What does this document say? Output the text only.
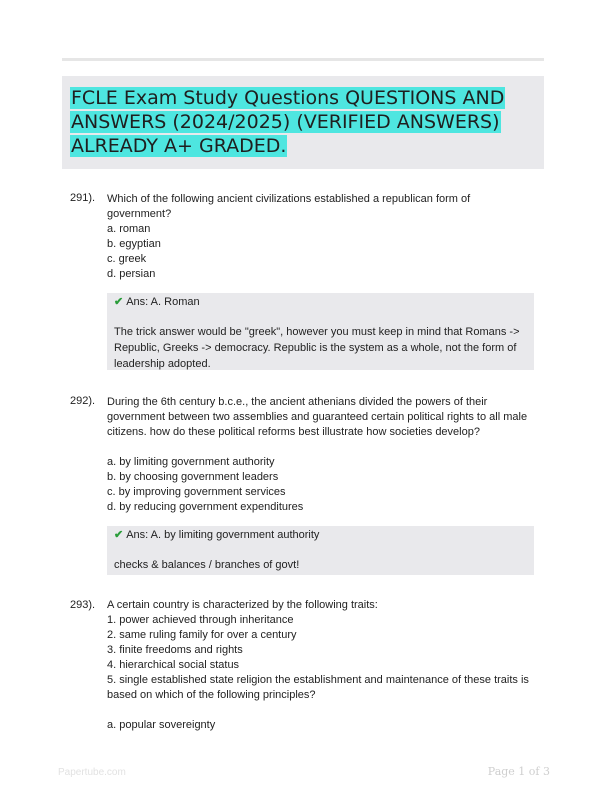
FCLE Exam Study Questions QUESTIONS AND ANSWERS (2024/2025) (VERIFIED ANSWERS) ALREADY A+ GRADED.
291). Which of the following ancient civilizations established a republican form of government?
a. roman
b. egyptian
c. greek
d. persian
✔ Ans: A. Roman
The trick answer would be "greek", however you must keep in mind that Romans -> Republic, Greeks -> democracy. Republic is the system as a whole, not the form of leadership adopted.
292). During the 6th century b.c.e., the ancient athenians divided the powers of their government between two assemblies and guaranteed certain political rights to all male citizens. how do these political reforms best illustrate how societies develop?
a. by limiting government authority
b. by choosing government leaders
c. by improving government services
d. by reducing government expenditures
✔ Ans: A. by limiting government authority
checks & balances / branches of govt!
293). A certain country is characterized by the following traits:
1. power achieved through inheritance
2. same ruling family for over a century
3. finite freedoms and rights
4. hierarchical social status
5. single established state religion the establishment and maintenance of these traits is based on which of the following principles?
a. popular sovereignty
Papertube.com	Page 1 of 3
